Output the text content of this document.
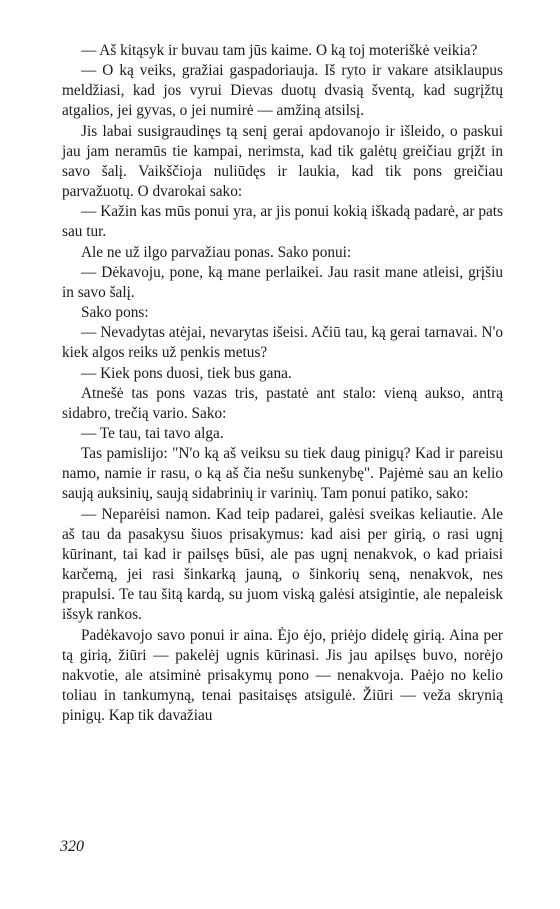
— Aš kitąsyk ir buvau tam jūs kaime. O ką toj moteriškė veikia?

— O ką veiks, gražiai gaspadoriauja. Iš ryto ir vakare atsiklaupus meldžiasi, kad jos vyrui Dievas duotų dvasią šventą, kad sugrįžtų atgalios, jei gyvas, o jei numirė — amžiną atsilsį.

Jis labai susigraudinęs tą senį gerai apdovanojo ir išleido, o paskui jau jam neramūs tie kampai, nerimsta, kad tik galėtų greičiau grįžt in savo šalį. Vaikščioja nuliūdęs ir laukia, kad tik pons greičiau parvažuotų. O dvarokai sako:

— Kažin kas mūs ponui yra, ar jis ponui kokią iškadą padarė, ar pats sau tur.

Ale ne už ilgo parvažiau ponas. Sako ponui:

— Dėkavoju, pone, ką mane perlaikei. Jau rasit mane atleisi, grįšiu in savo šalį.

Sako pons:

— Nevadytas atėjai, nevarytas išeisi. Ačiū tau, ką gerai tarnavai. N'o kiek algos reiks už penkis metus?

— Kiek pons duosi, tiek bus gana.

Atnešė tas pons vazas tris, pastatė ant stalo: vieną aukso, antrą sidabro, trečią vario. Sako:

— Te tau, tai tavo alga.

Tas pamislijo: "N'o ką aš veiksu su tiek daug pinigų? Kad ir pareisu namo, namie ir rasu, o ką aš čia nešu sunkenybę". Pajėmė sau an kelio saują auksinių, saują sidabrinių ir varinių. Tam ponui patiko, sako:

— Neparėisi namon. Kad teip padarei, galėsi sveikas keliautie. Ale aš tau da pasakysu šiuos prisakymus: kad aisi per girią, o rasi ugnį kūrinant, tai kad ir pailsęs būsi, ale pas ugnį nenakvok, o kad priaisi karčemą, jei rasi šinkarką jauną, o šinkorių seną, nenakvok, nes prapulsi. Te tau šitą kardą, su juom viską galėsi atsigintie, ale nepaleisk išsyk rankos.

Padėkavojo savo ponui ir aina. Ėjo ėjo, priėjo didelę girią. Aina per tą girią, žiūri — pakelėj ugnis kūrinasi. Jis jau apilsęs buvo, norėjo nakvotie, ale atsiminė prisakymų pono — nenakvoja. Paėjo no kelio toliau in tankumyną, tenai pasitaisęs atsigulė. Žiūri — veža skrynią pinigų. Kap tik davažiau

320
